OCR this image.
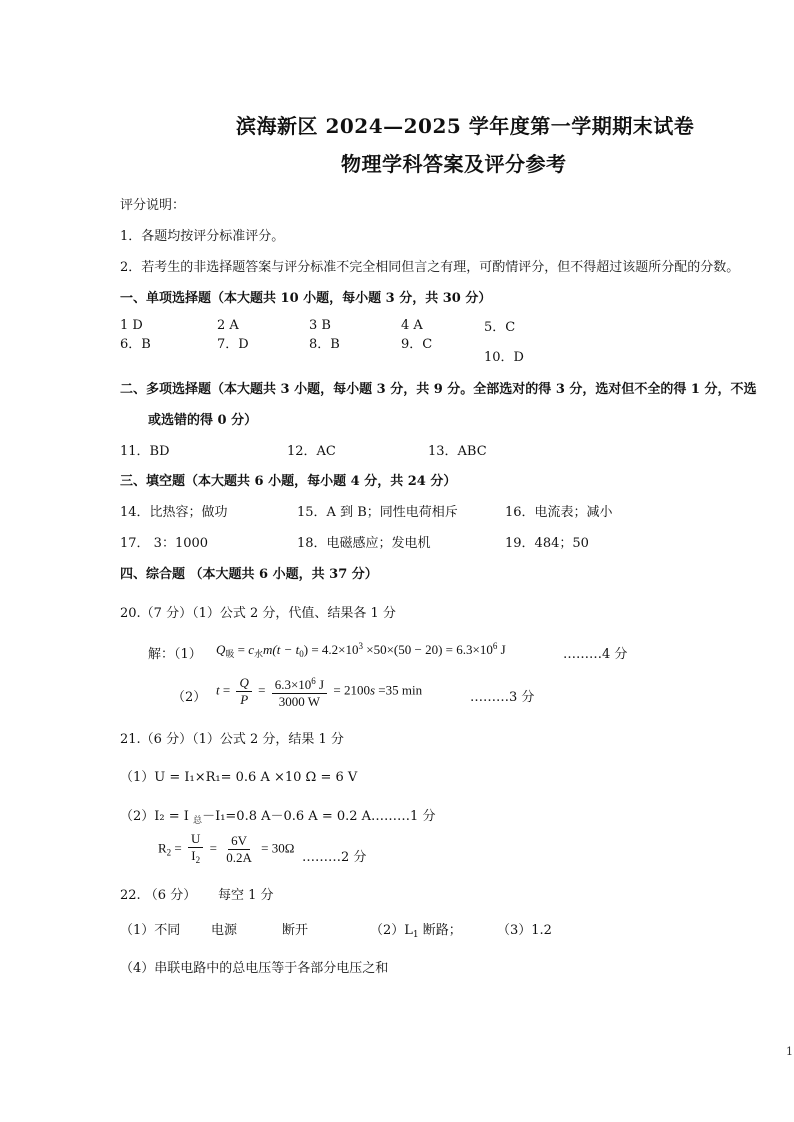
滨海新区 2024—2025 学年度第一学期期末试卷
物理学科答案及评分参考
评分说明：
1．各题均按评分标准评分。
2．若考生的非选择题答案与评分标准不完全相同但言之有理，可酌情评分，但不得超过该题所分配的分数。
一、单项选择题（本大题共 10 小题，每小题 3 分，共 30 分）
1 D	2 A	3 B	4 A	5．C
6．B	7．D	8．B	9．C
10．D
二、多项选择题（本大题共 3 小题，每小题 3 分，共 9 分。全部选对的得 3 分，选对但不全的得 1 分，不选
或选错的得 0 分）
11．BD	12．AC	13．ABC
三、填空题（本大题共 6 小题，每小题 4 分，共 24 分）
14．比热容；做功	15．A 到 B；同性电荷相斥	16．电流表；减小
17． 3：1000	18．电磁感应；发电机	19．484；50
四、综合题 （本大题共 6 小题，共 37 分）
20.（7 分）（1）公式 2 分，代值、结果各 1 分
解：（1） $Q_吸 = c_水m(t - t_0) = 4.2\times 10^3 \times 50\times(50 - 20) = 6.3\times 10^6$ J	………4 分
（2）
$t = \frac{Q}{P} = \frac{6.3\times 10^6 J}{3000 W} = 2100s =35$ min
………3 分
21.（6 分）（1）公式 2 分，结果 1 分
（1）U = I₁×R₁= 0.6 A ×10 Ω = 6 V
（2）I₂ = I $_总$－I₁=0.8 A－0.6 A = 0.2 A………1 分
$R_2 = \frac{U}{I_2} = \frac{6V}{0.2A} = 30\Omega$
………2 分
22. （6 分） 每空 1 分
（1）不同 电源	断开	$(2)L_1$ 断路；	（3）1.2
（4）串联电路中的总电压等于各部分电压之和
1
